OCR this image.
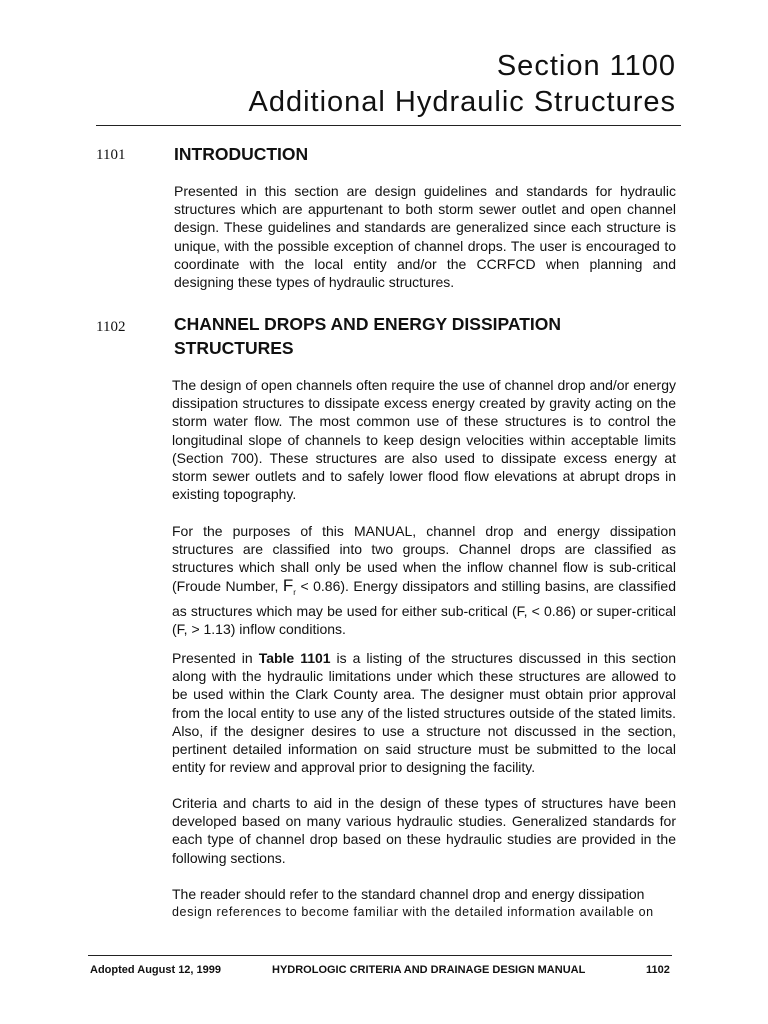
Section 1100
Additional Hydraulic Structures
1101	INTRODUCTION
Presented in this section are design guidelines and standards for hydraulic structures which are appurtenant to both storm sewer outlet and open channel design. These guidelines and standards are generalized since each structure is unique, with the possible exception of channel drops. The user is encouraged to coordinate with the local entity and/or the CCRFCD when planning and designing these types of hydraulic structures.
1102	CHANNEL DROPS AND ENERGY DISSIPATION
STRUCTURES
The design of open channels often require the use of channel drop and/or energy dissipation structures to dissipate excess energy created by gravity acting on the storm water flow. The most common use of these structures is to control the longitudinal slope of channels to keep design velocities within acceptable limits (Section 700). These structures are also used to dissipate excess energy at storm sewer outlets and to safely lower flood flow elevations at abrupt drops in existing topography.
For the purposes of this MANUAL, channel drop and energy dissipation structures are classified into two groups. Channel drops are classified as structures which shall only be used when the inflow channel flow is sub-critical (Froude Number, $F_r < 0.86$). Energy dissipators and stilling basins, are classified as structures which may be used for either sub-critical (F, < 0.86) or super-critical (F, > 1.13) inflow conditions.
Presented in Table 1101 is a listing of the structures discussed in this section along with the hydraulic limitations under which these structures are allowed to be used within the Clark County area. The designer must obtain prior approval from the local entity to use any of the listed structures outside of the stated limits. Also, if the designer desires to use a structure not discussed in the section, pertinent detailed information on said structure must be submitted to the local entity for review and approval prior to designing the facility.
Criteria and charts to aid in the design of these types of structures have been developed based on many various hydraulic studies. Generalized standards for each type of channel drop based on these hydraulic studies are provided in the following sections.
The reader should refer to the standard channel drop and energy dissipation
design references to become familiar with the detailed information available on
Adopted August 12, 1999	HYDROLOGIC CRITERIA AND DRAINAGE DESIGN MANUAL	1102
